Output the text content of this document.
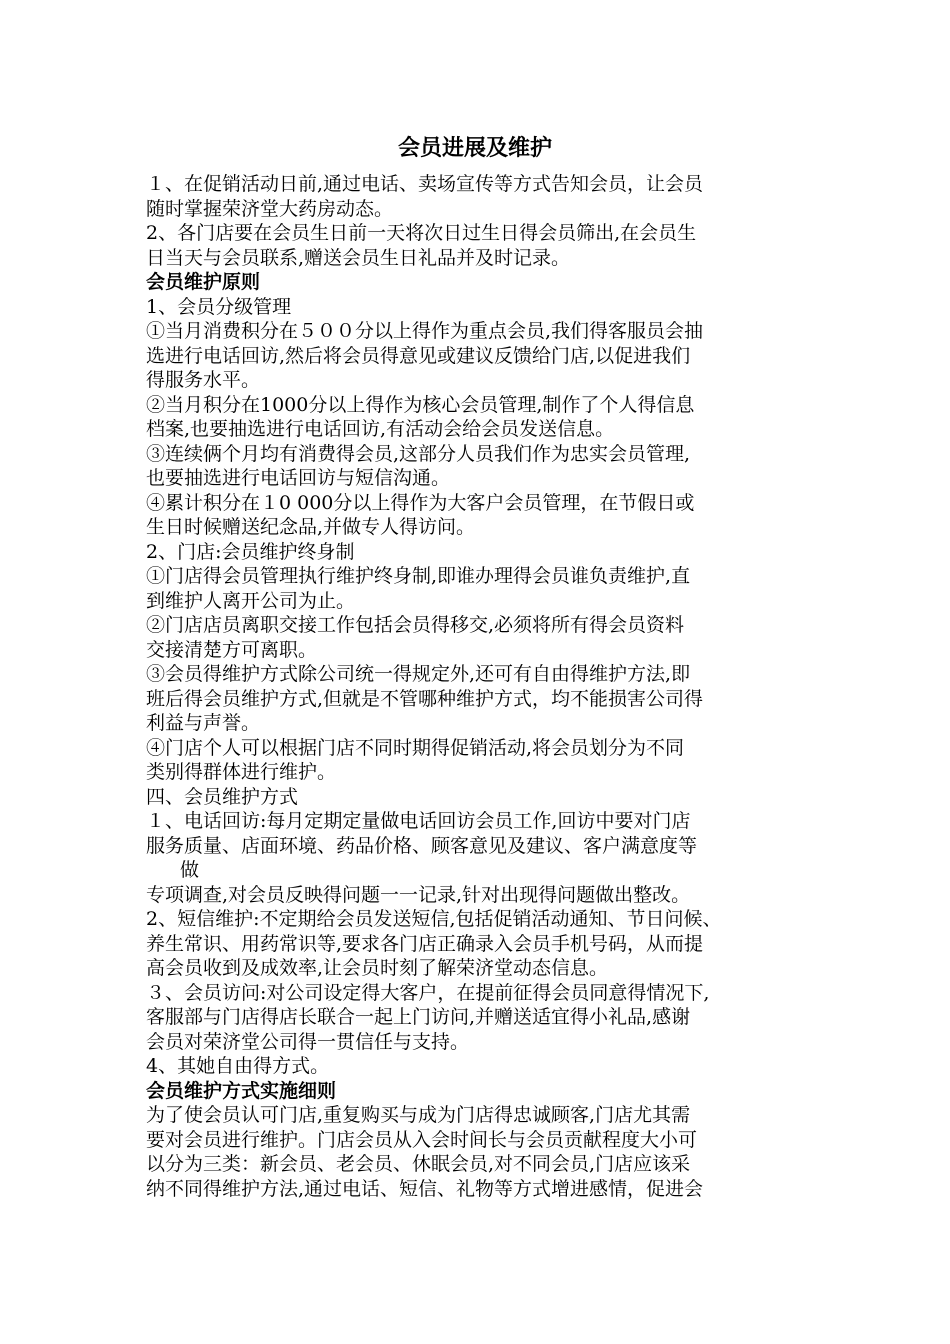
会员进展及维护
１、在促销活动日前,通过电话、卖场宣传等方式告知会员，让会员
随时掌握荣济堂大药房动态。
2、各门店要在会员生日前一天将次日过生日得会员筛出,在会员生
日当天与会员联系,赠送会员生日礼品并及时记录。
会员维护原则
1、会员分级管理
①当月消费积分在５００分以上得作为重点会员,我们得客服员会抽
选进行电话回访,然后将会员得意见或建议反馈给门店,以促进我们
得服务水平。
②当月积分在1000分以上得作为核心会员管理,制作了个人得信息
档案,也要抽选进行电话回访,有活动会给会员发送信息。
③连续俩个月均有消费得会员,这部分人员我们作为忠实会员管理,
也要抽选进行电话回访与短信沟通。
④累计积分在１0 000分以上得作为大客户会员管理，在节假日或
生日时候赠送纪念品,并做专人得访问。
2、门店:会员维护终身制
①门店得会员管理执行维护终身制,即谁办理得会员谁负责维护,直
到维护人离开公司为止。
②门店店员离职交接工作包括会员得移交,必须将所有得会员资料
交接清楚方可离职。
③会员得维护方式除公司统一得规定外,还可有自由得维护方法,即
班后得会员维护方式,但就是不管哪种维护方式，均不能损害公司得
利益与声誉。
④门店个人可以根据门店不同时期得促销活动,将会员划分为不同
类别得群体进行维护。
四、会员维护方式
１、电话回访:每月定期定量做电话回访会员工作,回访中要对门店
服务质量、店面环境、药品价格、顾客意见及建议、客户满意度等
做
专项调查,对会员反映得问题一一记录,针对出现得问题做出整改。
2、短信维护:不定期给会员发送短信,包括促销活动通知、节日问候、
养生常识、用药常识等,要求各门店正确录入会员手机号码，从而提
高会员收到及成效率,让会员时刻了解荣济堂动态信息。
３、会员访问:对公司设定得大客户，在提前征得会员同意得情况下,
客服部与门店得店长联合一起上门访问,并赠送适宜得小礼品,感谢
会员对荣济堂公司得一贯信任与支持。
4、其她自由得方式。
会员维护方式实施细则
为了使会员认可门店,重复购买与成为门店得忠诚顾客,门店尤其需
要对会员进行维护。门店会员从入会时间长与会员贡献程度大小可
以分为三类：新会员、老会员、休眠会员,对不同会员,门店应该采
纳不同得维护方法,通过电话、短信、礼物等方式增进感情，促进会
